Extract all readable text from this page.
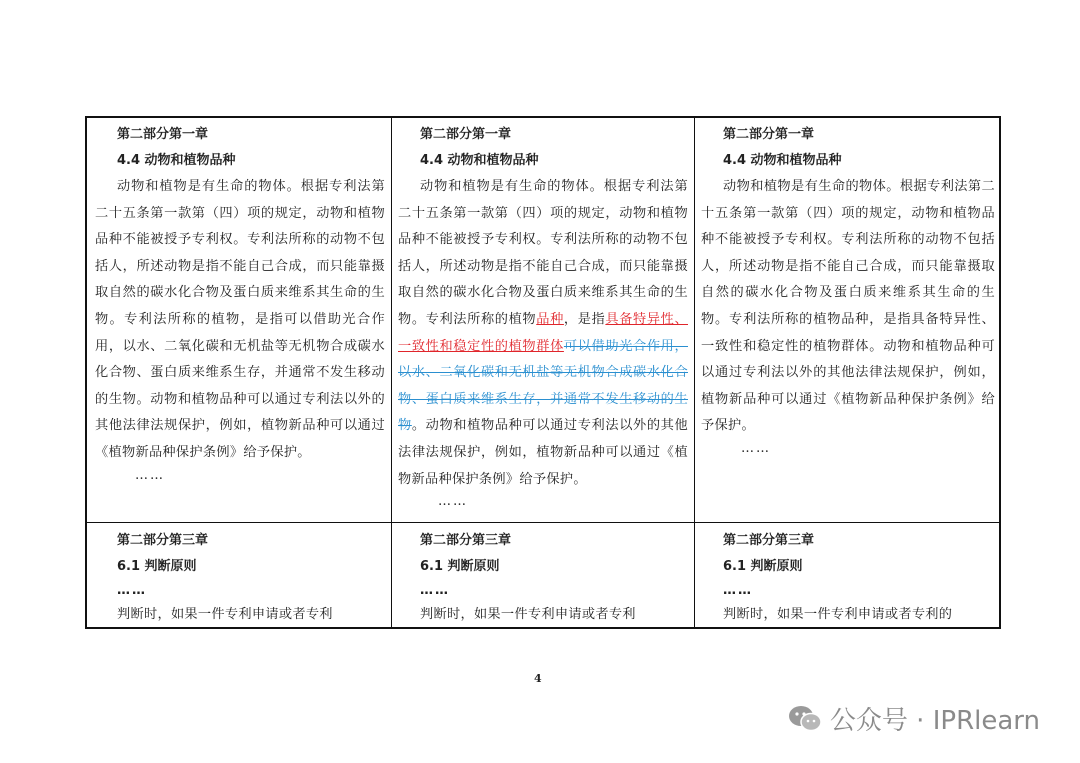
第二部分第一章
4.4 动物和植物品种
动物和植物是有生命的物体。根据专利法第二十五条第一款第（四）项的规定，动物和植物品种不能被授予专利权。专利法所称的动物不包括人，所述动物是指不能自己合成，而只能靠摄取自然的碳水化合物及蛋白质来维系其生命的生物。专利法所称的植物，是指可以借助光合作用，以水、二氧化碳和无机盐等无机物合成碳水化合物、蛋白质来维系生存，并通常不发生移动的生物。动物和植物品种可以通过专利法以外的其他法律法规保护，例如，植物新品种可以通过《植物新品种保护条例》给予保护。
……
第二部分第一章
4.4 动物和植物品种
动物和植物是有生命的物体。根据专利法第二十五条第一款第（四）项的规定，动物和植物品种不能被授予专利权。专利法所称的动物不包括人，所述动物是指不能自己合成，而只能靠摄取自然的碳水化合物及蛋白质来维系其生命的生物。专利法所称的植物品种，是指具备特异性、一致性和稳定性的植物群体可以借助光合作用，以水、二氧化碳和无机盐等无机物合成碳水化合物、蛋白质来维系生存，并通常不发生移动的生物。动物和植物品种可以通过专利法以外的其他法律法规保护，例如，植物新品种可以通过《植物新品种保护条例》给予保护。
……
第二部分第一章
4.4 动物和植物品种
动物和植物是有生命的物体。根据专利法第二十五条第一款第（四）项的规定，动物和植物品种不能被授予专利权。专利法所称的动物不包括人，所述动物是指不能自己合成，而只能靠摄取自然的碳水化合物及蛋白质来维系其生命的生物。专利法所称的植物品种，是指具备特异性、一致性和稳定性的植物群体。动物和植物品种可以通过专利法以外的其他法律法规保护，例如，植物新品种可以通过《植物新品种保护条例》给予保护。
……
第二部分第三章
6.1 判断原则
……
判断时，如果一件专利申请或者专利
第二部分第三章
6.1 判断原则
……
判断时，如果一件专利申请或者专利
第二部分第三章
6.1 判断原则
……
判断时，如果一件专利申请或者专利的
4
公众号 · IPRlearn
